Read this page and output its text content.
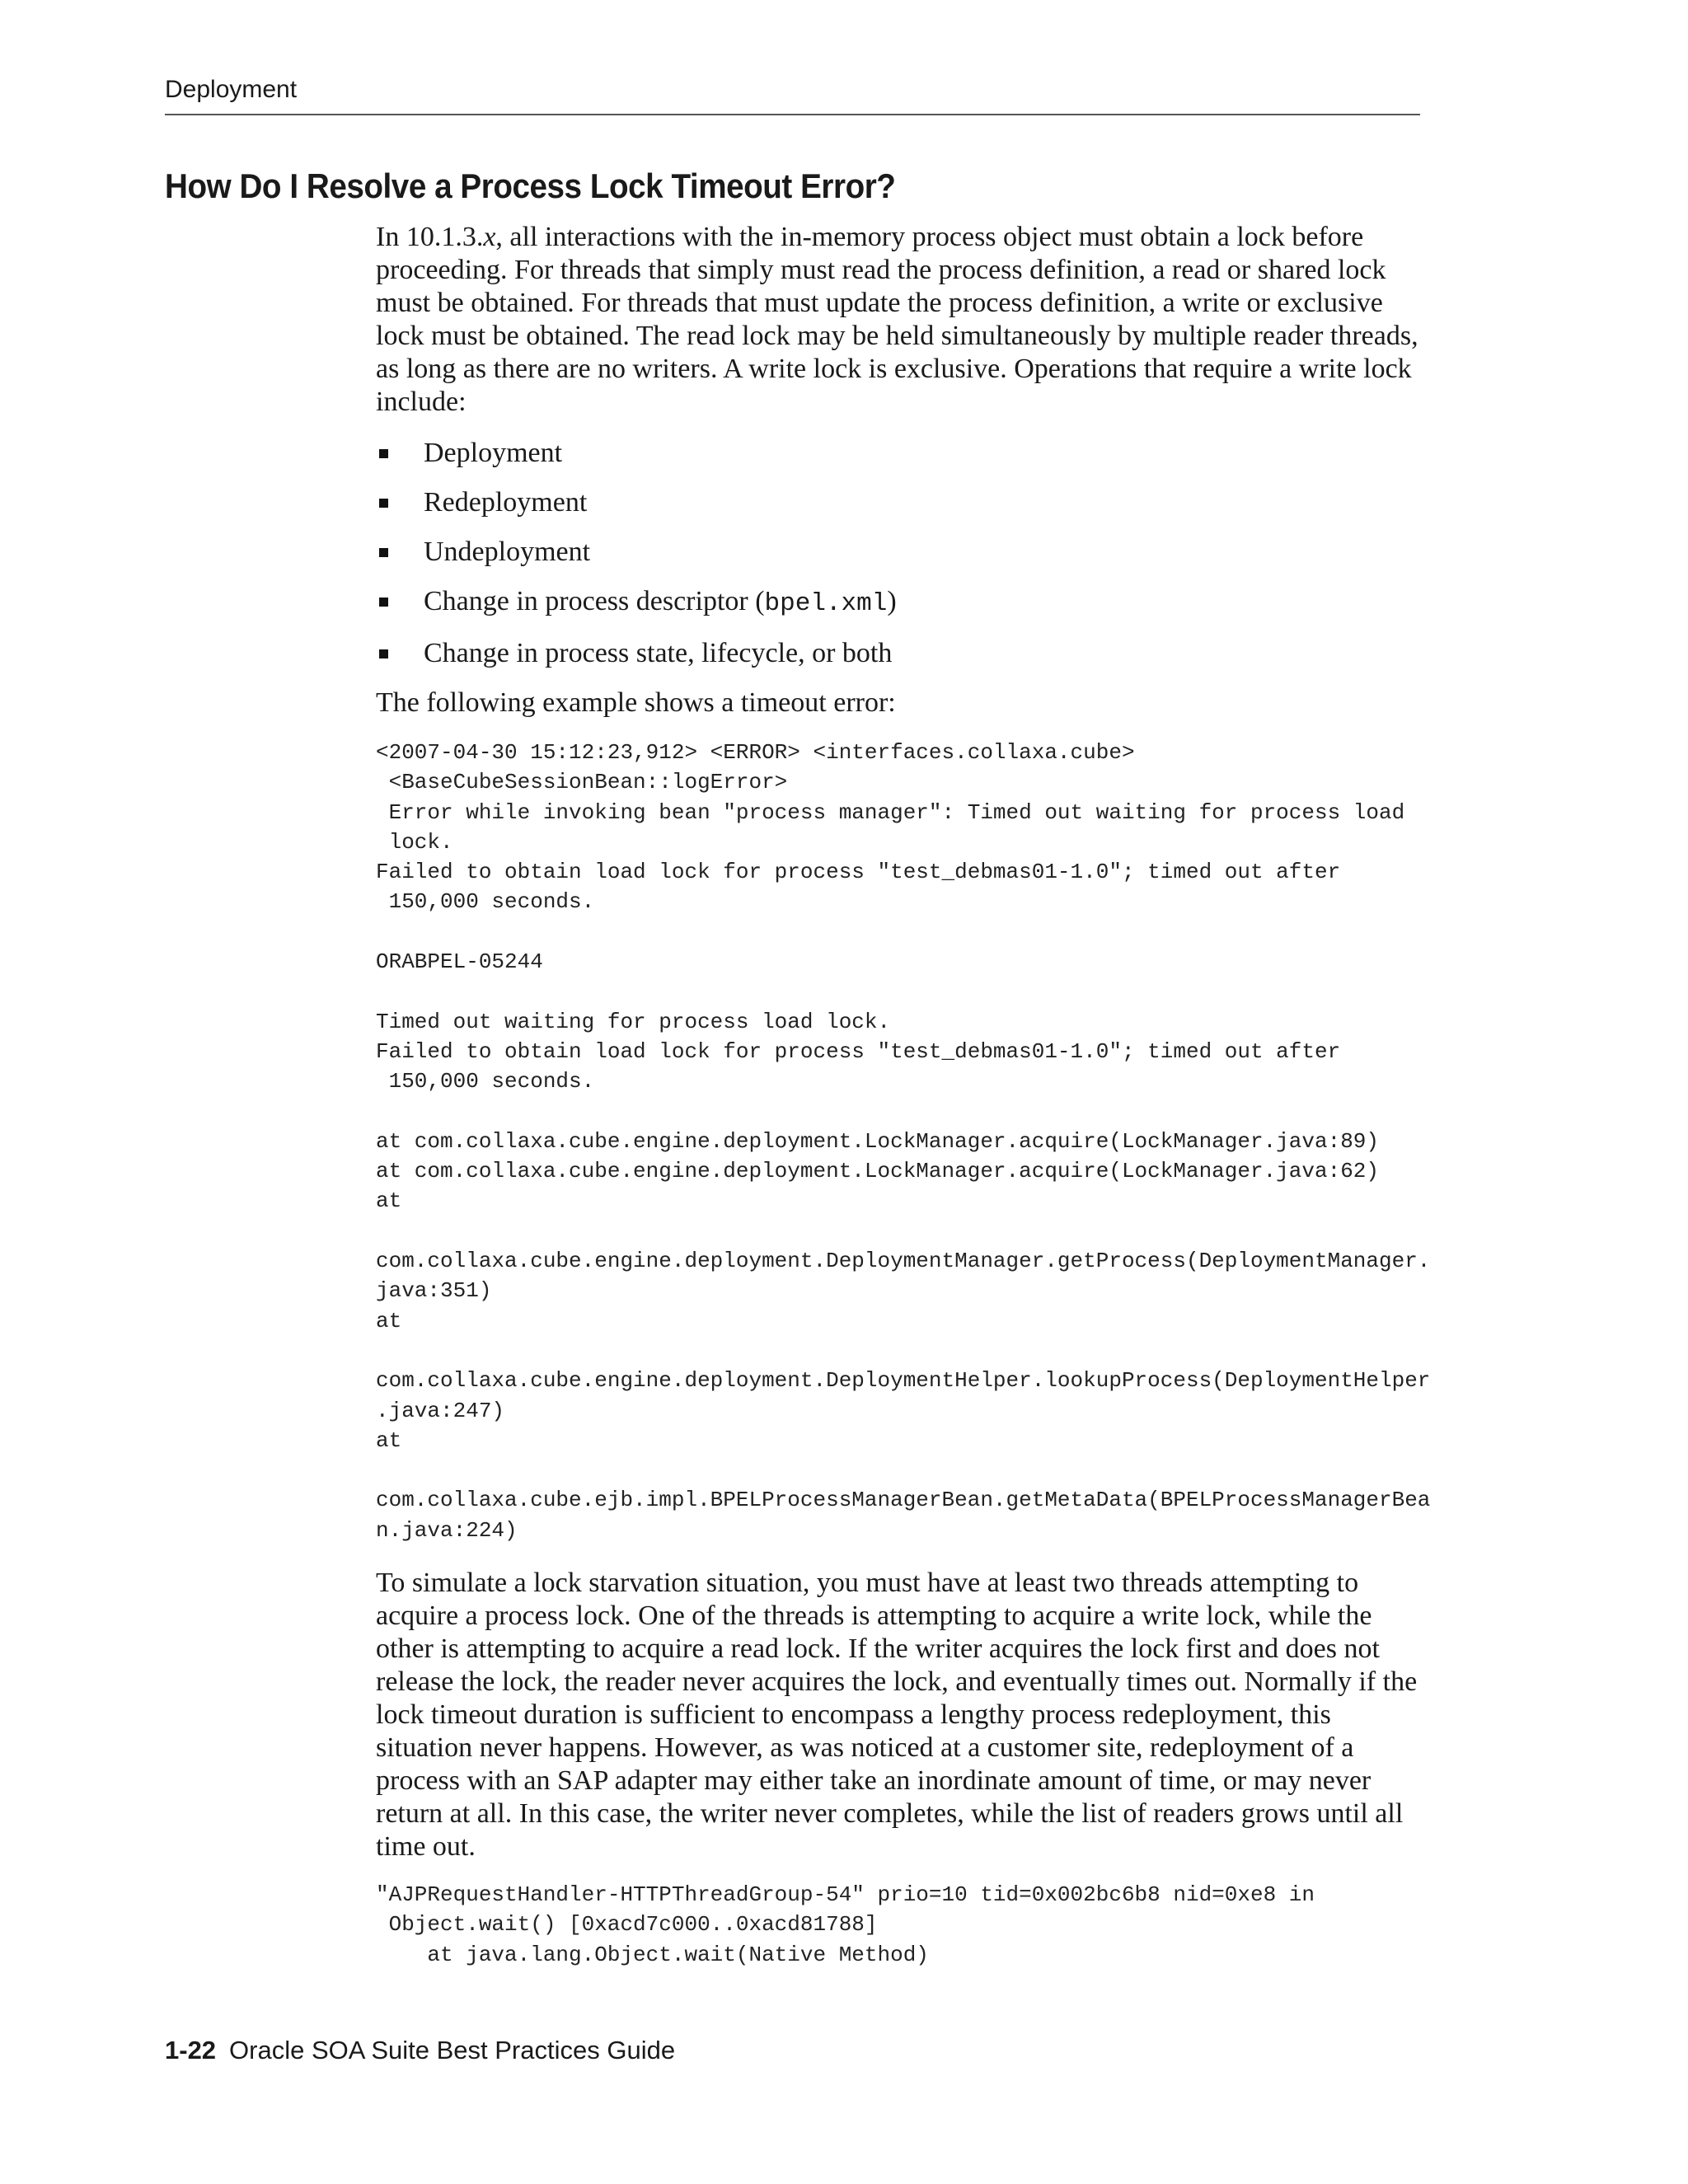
Deployment
How Do I Resolve a Process Lock Timeout Error?

In 10.1.3.x, all interactions with the in-memory process object must obtain a lock before proceeding. For threads that simply must read the process definition, a read or shared lock must be obtained. For threads that must update the process definition, a write or exclusive lock must be obtained. The read lock may be held simultaneously by multiple reader threads, as long as there are no writers. A write lock is exclusive. Operations that require a write lock include:

Deployment
Redeployment
Undeployment
Change in process descriptor (bpel.xml)
Change in process state, lifecycle, or both

The following example shows a timeout error:

<2007-04-30 15:12:23,912> <ERROR> <interfaces.collaxa.cube>
<BaseCubeSessionBean::logError>
Error while invoking bean "process manager": Timed out waiting for process load
lock.
Failed to obtain load lock for process "test_debmas01-1.0"; timed out after
150,000 seconds.
ORABPEL-05244
Timed out waiting for process load lock.
Failed to obtain load lock for process "test_debmas01-1.0"; timed out after
150,000 seconds.
at com.collaxa.cube.engine.deployment.LockManager.acquire(LockManager.java:89)
at com.collaxa.cube.engine.deployment.LockManager.acquire(LockManager.java:62)
at
com.collaxa.cube.engine.deployment.DeploymentManager.getProcess(DeploymentManager.
java:351)
at
com.collaxa.cube.engine.deployment.DeploymentHelper.lookupProcess(DeploymentHelper
.java:247)
at
com.collaxa.cube.ejb.impl.BPELProcessManagerBean.getMetaData(BPELProcessManagerBea
n.java:224)

To simulate a lock starvation situation, you must have at least two threads attempting to acquire a process lock. One of the threads is attempting to acquire a write lock, while the other is attempting to acquire a read lock. If the writer acquires the lock first and does not release the lock, the reader never acquires the lock, and eventually times out. Normally if the lock timeout duration is sufficient to encompass a lengthy process redeployment, this situation never happens. However, as was noticed at a customer site, redeployment of a process with an SAP adapter may either take an inordinate amount of time, or may never return at all. In this case, the writer never completes, while the list of readers grows until all time out.

"AJPRequestHandler-HTTPThreadGroup-54" prio=10 tid=0x002bc6b8 nid=0xe8 in
Object.wait() [0xacd7c000..0xacd81788]
at java.lang.Object.wait(Native Method)
1-22 Oracle SOA Suite Best Practices Guide
